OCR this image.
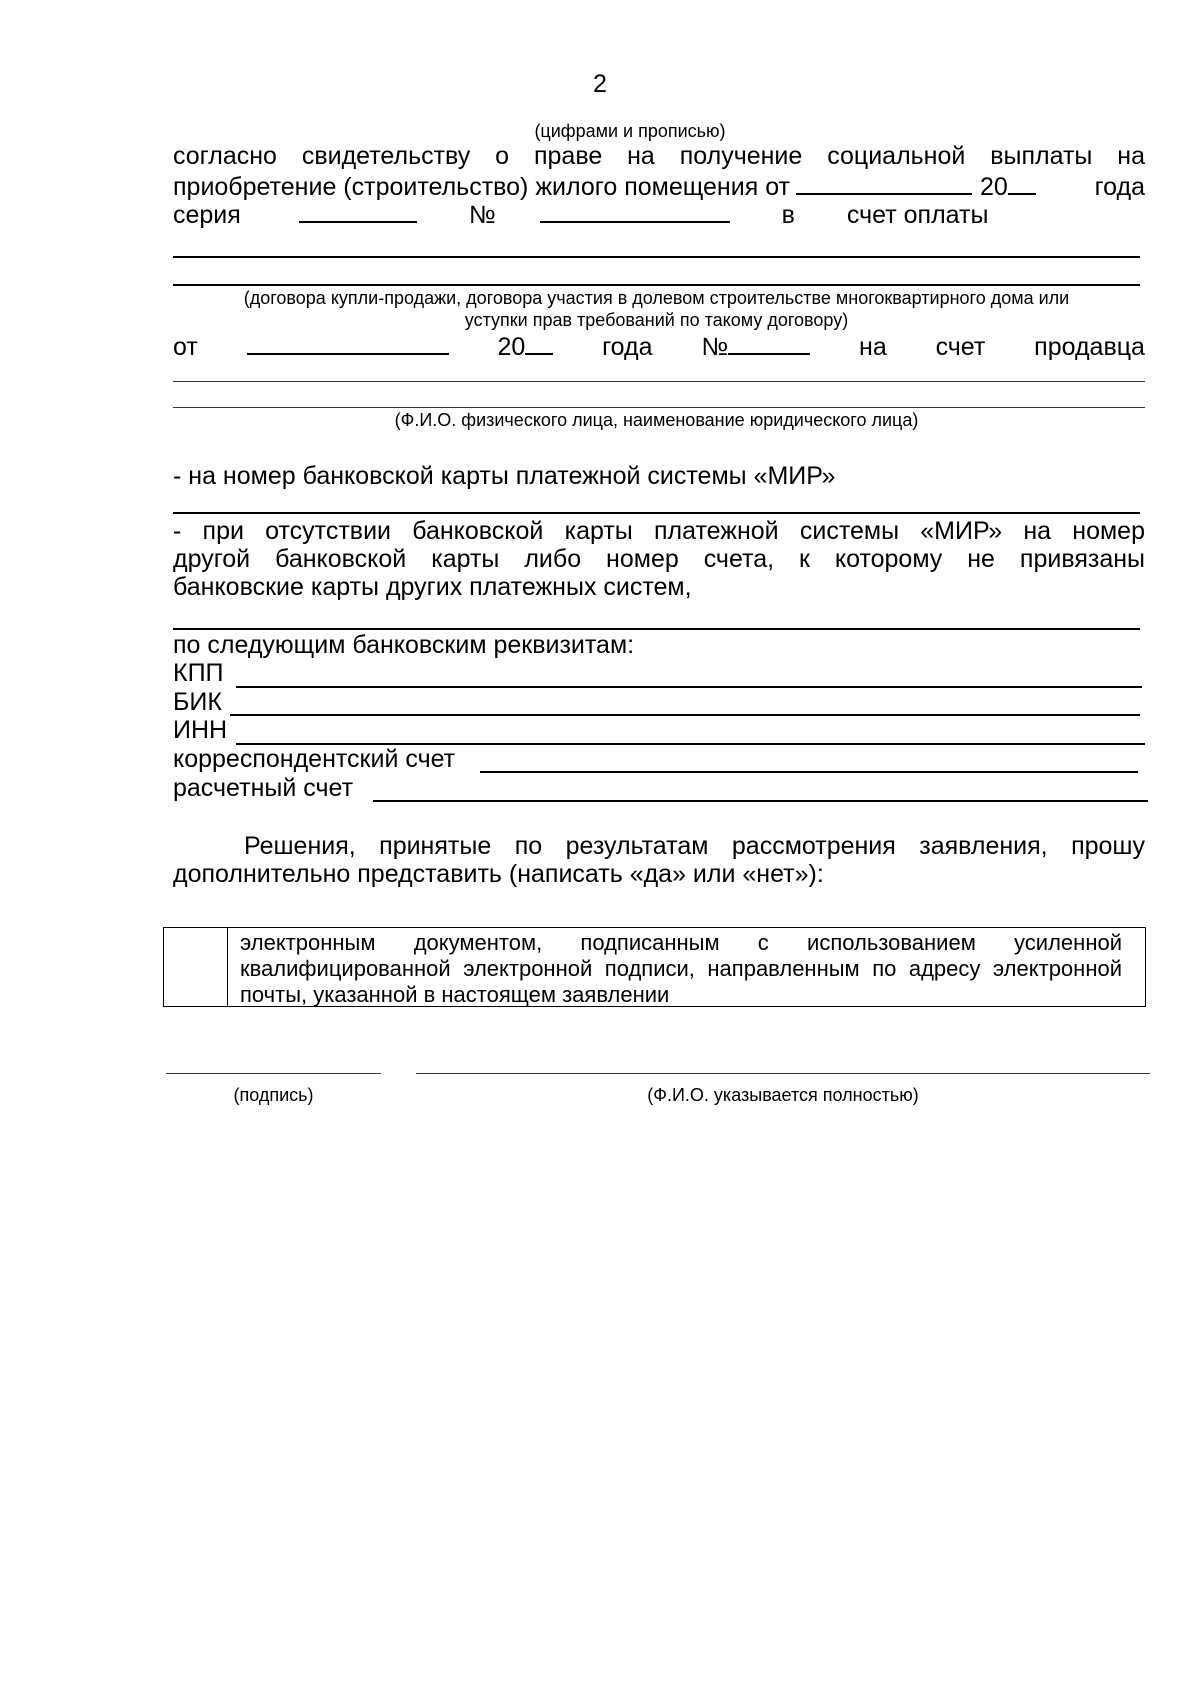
2
(цифрами и прописью)
согласно свидетельству о праве на получение социальной выплаты на
приобретение (строительство) жилого помещения от	20	года
серия	№	в счет оплаты
(договора купли-продажи, договора участия в долевом строительстве многоквартирного дома или
уступки прав требований по такому договору)
от	20	года №	на счет продавца
(Ф.И.О. физического лица, наименование юридического лица)
- на номер банковской карты платежной системы «МИР»
- при отсутствии банковской карты платежной системы «МИР» на номер
другой банковской карты либо номер счета, к которому не привязаны
банковские карты других платежных систем,
по следующим банковским реквизитам:
КПП
БИК
ИНН
корреспондентский счет
расчетный счет
Решения, принятые по результатам рассмотрения заявления, прошу
дополнительно представить (написать «да» или «нет»):
электронным документом, подписанным с использованием усиленной квалифицированной электронной подписи, направленным по адресу электронной почты, указанной в настоящем заявлении
(подпись)	(Ф.И.О. указывается полностью)
